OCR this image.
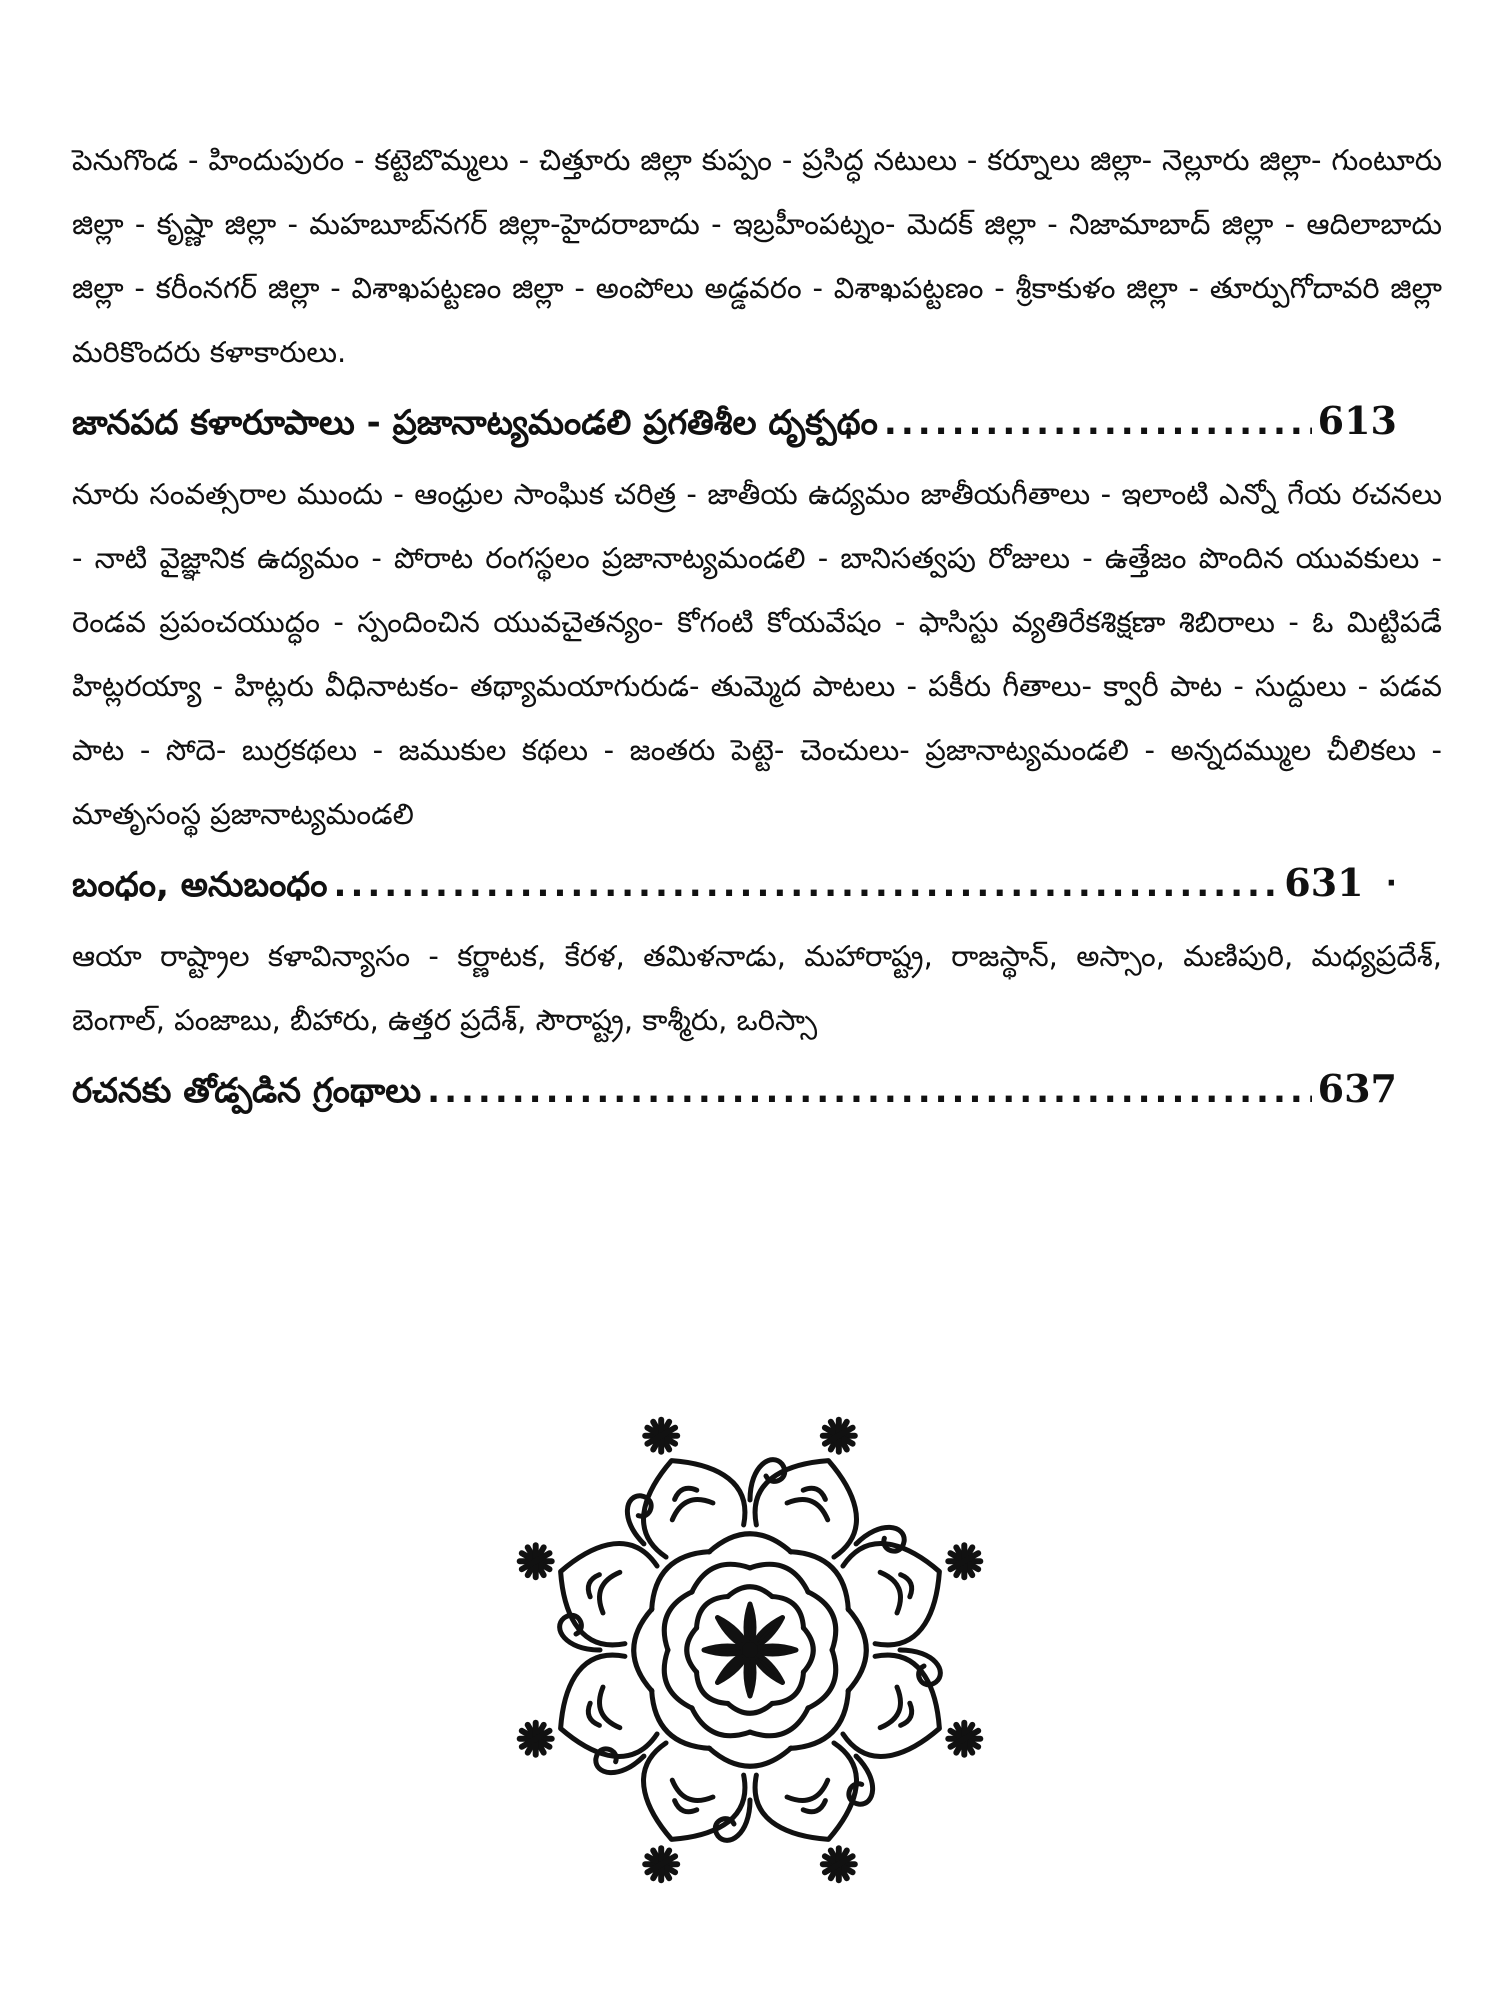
పెనుగొండ - హిందుపురం - కట్టెబొమ్మలు - చిత్తూరు జిల్లా కుప్పం - ప్రసిద్ధ నటులు - కర్నూలు జిల్లా- నెల్లూరు జిల్లా- గుంటూరు జిల్లా - కృష్ణా జిల్లా - మహబూబ్‌నగర్ జిల్లా-హైదరాబాదు - ఇబ్రహీంపట్నం- మెదక్ జిల్లా - నిజామాబాద్ జిల్లా - ఆదిలాబాదు జిల్లా - కరీంనగర్ జిల్లా - విశాఖపట్టణం జిల్లా - అంపోలు అడ్డవరం - విశాఖపట్టణం - శ్రీకాకుళం జిల్లా - తూర్పుగోదావరి జిల్లా మరికొందరు కళాకారులు.

జానపద కళారూపాలు - ప్రజానాట్యమండలి ప్రగతిశీల దృక్పథం .....	613

నూరు సంవత్సరాల ముందు - ఆంధ్రుల సాంఘిక చరిత్ర - జాతీయ ఉద్యమం జాతీయగీతాలు - ఇలాంటి ఎన్నో గేయ రచనలు - నాటి వైజ్ఞానిక ఉద్యమం - పోరాట రంగస్థలం ప్రజానాట్యమండలి - బానిసత్వపు రోజులు - ఉత్తేజం పొందిన యువకులు - రెండవ ప్రపంచయుద్ధం - స్పందించిన యువచైతన్యం- కోగంటి కోయవేషం - ఫాసిస్టు వ్యతిరేకశిక్షణా శిబిరాలు - ఓ మిట్టిపడే హిట్లరయ్యా - హిట్లరు వీధినాటకం- తథ్యామయాగురుడ- తుమ్మెద పాటలు - పకీరు గీతాలు- క్వారీ పాట - సుద్దులు - పడవ పాట - సోదె- బుర్రకథలు - జముకుల కథలు - జంతరు పెట్టె- చెంచులు- ప్రజానాట్యమండలి - అన్నదమ్ముల చీలికలు - మాతృసంస్థ ప్రజానాట్యమండలి

బంధం, అనుబంధం .....	631 ·

ఆయా రాష్ట్రాల కళావిన్యాసం - కర్ణాటక, కేరళ, తమిళనాడు, మహారాష్ట్ర, రాజస్థాన్, అస్సాం, మణిపురి, మధ్యప్రదేశ్, బెంగాల్, పంజాబు, బీహారు, ఉత్తర ప్రదేశ్, సౌరాష్ట్ర, కాశ్మీరు, ఒరిస్సా

రచనకు తోడ్పడిన గ్రంథాలు .....	637
